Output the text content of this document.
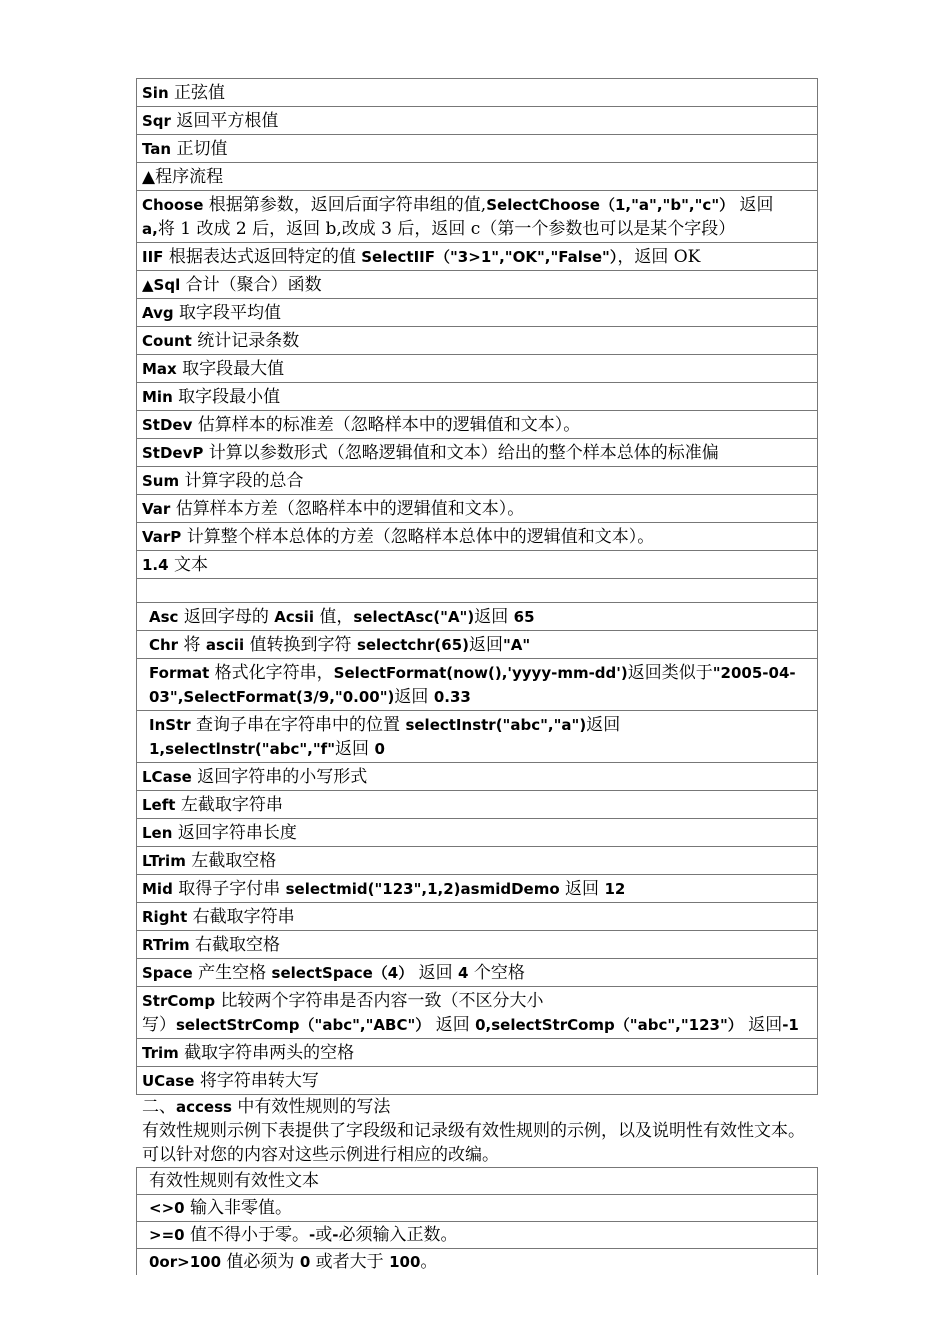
Sin 正弦值
Sqr 返回平方根值
Tan 正切值
▲程序流程
Choose 根据第参数，返回后面字符串组的值,SelectChoose（1,"a","b","c"） 返回
a,将 1 改成 2 后，返回 b,改成 3 后，返回 c（第一个参数也可以是某个字段）
IIF 根据表达式返回特定的值 SelectIIF（"3>1","OK","False"），返回 OK
▲Sql 合计（聚合）函数
Avg 取字段平均值
Count 统计记录条数
Max 取字段最大值
Min 取字段最小值
StDev 估算样本的标准差（忽略样本中的逻辑值和文本）。
StDevP 计算以参数形式（忽略逻辑值和文本）给出的整个样本总体的标准偏
Sum 计算字段的总合
Var 估算样本方差（忽略样本中的逻辑值和文本）。
VarP 计算整个样本总体的方差（忽略样本总体中的逻辑值和文本）。
1.4 文本

Asc 返回字母的 Acsii 值，selectAsc("A")返回 65
Chr 将 ascii 值转换到字符 selectchr(65)返回"A"
Format 格式化字符串，SelectFormat(now(),'yyyy-mm-dd')返回类似于"2005-04-
03",SelectFormat(3/9,"0.00")返回 0.33
InStr 查询子串在字符串中的位置 selectInstr("abc","a")返回
1,selectlnstr("abc","f"返回 0
LCase 返回字符串的小写形式
Left 左截取字符串
Len 返回字符串长度
LTrim 左截取空格
Mid 取得子字付串 selectmid("123",1,2)asmidDemo 返回 12
Right 右截取字符串
RTrim 右截取空格
Space 产生空格 selectSpace（4） 返回 4 个空格
StrComp 比较两个字符串是否内容一致（不区分大小
写）selectStrComp（"abc","ABC"） 返回 0,selectStrComp（"abc","123"） 返回-1
Trim 截取字符串两头的空格
UCase 将字符串转大写

二、access 中有效性规则的写法

有效性规则示例下表提供了字段级和记录级有效性规则的示例，以及说明性有效性文本。可以针对您的内容对这些示例进行相应的改编。

有效性规则有效性文本
<>0 输入非零值。
>=0 值不得小于零。-或-必须输入正数。
0or>100 值必须为 0 或者大于 100。
